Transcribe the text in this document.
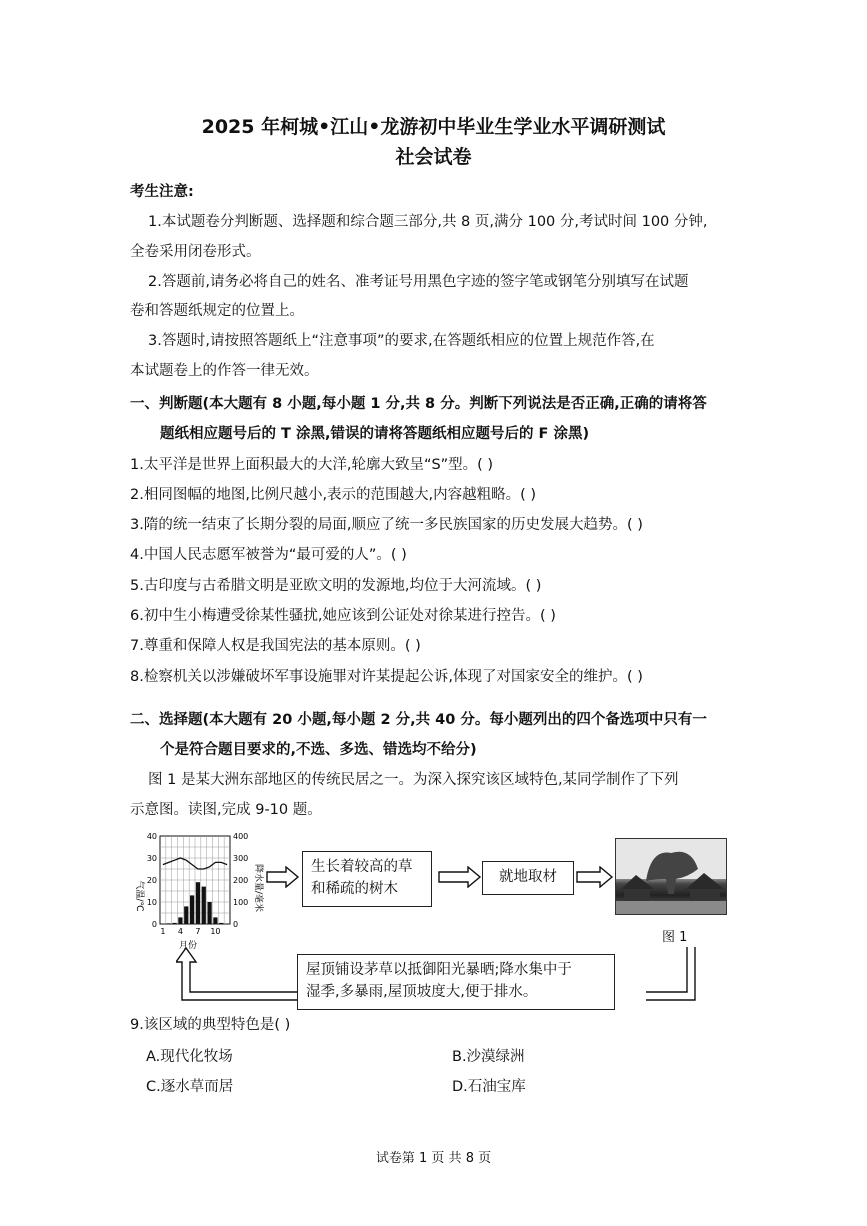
2025 年柯城•江山•龙游初中毕业生学业水平调研测试
社会试卷
考生注意:
1.本试题卷分判断题、选择题和综合题三部分,共 8 页,满分 100 分,考试时间 100 分钟,
全卷采用闭卷形式。
2.答题前,请务必将自己的姓名、准考证号用黑色字迹的签字笔或钢笔分别填写在试题
卷和答题纸规定的位置上。
3.答题时,请按照答题纸上“注意事项”的要求,在答题纸相应的位置上规范作答,在
本试题卷上的作答一律无效。
一、判断题(本大题有 8 小题,每小题 1 分,共 8 分。判断下列说法是否正确,正确的请将答
题纸相应题号后的 T 涂黑,错误的请将答题纸相应题号后的 F 涂黑)
1.太平洋是世界上面积最大的大洋,轮廓大致呈“S”型。( )
2.相同图幅的地图,比例尺越小,表示的范围越大,内容越粗略。( )
3.隋的统一结束了长期分裂的局面,顺应了统一多民族国家的历史发展大趋势。( )
4.中国人民志愿军被誉为“最可爱的人”。( )
5.古印度与古希腊文明是亚欧文明的发源地,均位于大河流域。( )
6.初中生小梅遭受徐某性骚扰,她应该到公证处对徐某进行控告。( )
7.尊重和保障人权是我国宪法的基本原则。( )
8.检察机关以涉嫌破坏军事设施罪对许某提起公诉,体现了对国家安全的维护。( )
二、选择题(本大题有 20 小题,每小题 2 分,共 40 分。每小题列出的四个备选项中只有一
个是符合题目要求的,不选、多选、错选均不给分)
图 1 是某大洲东部地区的传统民居之一。为深入探究该区域特色,某同学制作了下列
示意图。读图,完成 9-10 题。
40
30
20
10
0
400
300
200
100
0
1 4 7 10
气温/℃	降水量/毫米
月份
生长着较高的草
和稀疏的树木
就地取材
图 1
屋顶铺设茅草以抵御阳光暴晒;降水集中于
湿季,多暴雨,屋顶坡度大,便于排水。
9.该区域的典型特色是( )
A.现代化牧场	B.沙漠绿洲
C.逐水草而居	D.石油宝库
试卷第 1 页 共 8 页
